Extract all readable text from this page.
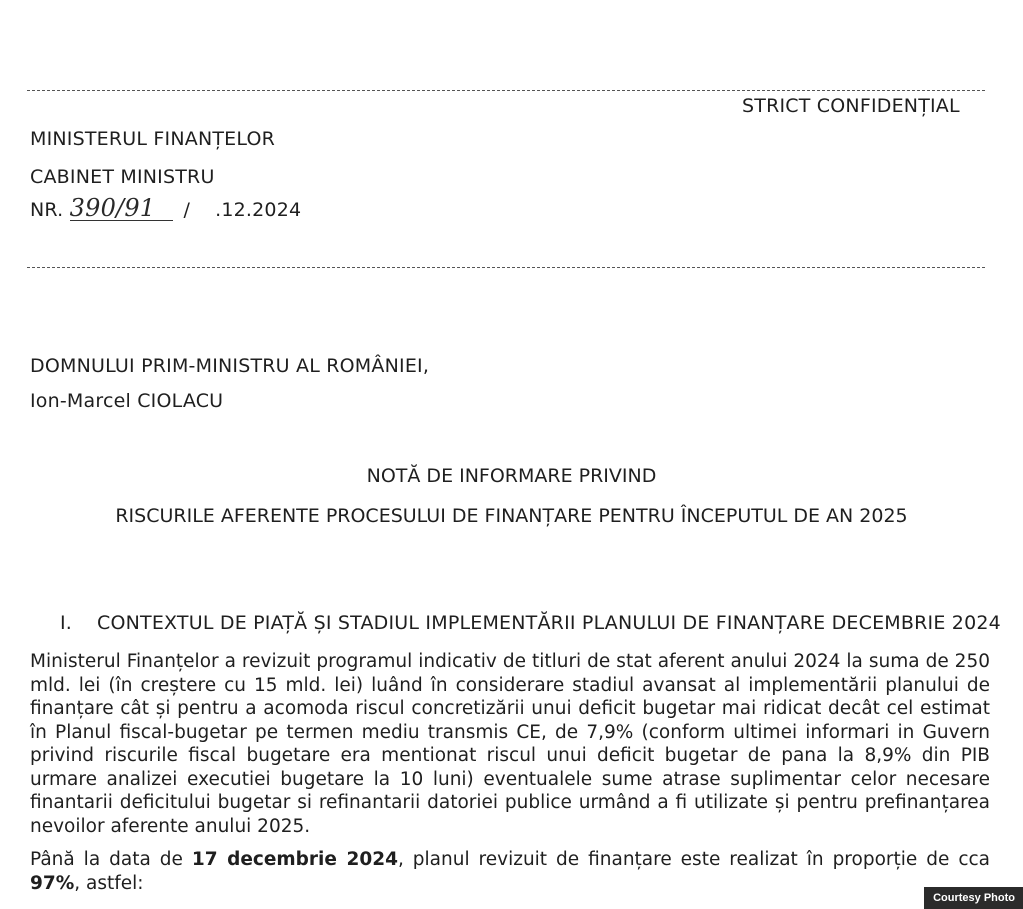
STRICT CONFIDENȚIAL
MINISTERUL FINANȚELOR
CABINET MINISTRU
NR. 390/91 /    .12.2024
DOMNULUI PRIM-MINISTRU AL ROMÂNIEI,
Ion-Marcel CIOLACU
NOTĂ DE INFORMARE PRIVIND
RISCURILE AFERENTE PROCESULUI DE FINANȚARE PENTRU ÎNCEPUTUL DE AN 2025
I. CONTEXTUL DE PIAȚĂ ȘI STADIUL IMPLEMENTĂRII PLANULUI DE FINANȚARE DECEMBRIE 2024
Ministerul Finanțelor a revizuit programul indicativ de titluri de stat aferent anului 2024 la suma de 250 mld. lei (în creștere cu 15 mld. lei) luând în considerare stadiul avansat al implementării planului de finanțare cât și pentru a acomoda riscul concretizării unui deficit bugetar mai ridicat decât cel estimat în Planul fiscal-bugetar pe termen mediu transmis CE, de 7,9% (conform ultimei informari in Guvern privind riscurile fiscal bugetare era mentionat riscul unui deficit bugetar de pana la 8,9% din PIB urmare analizei executiei bugetare la 10 luni) eventualele sume atrase suplimentar celor necesare finantarii deficitului bugetar si refinantarii datoriei publice urmând a fi utilizate și pentru prefinanțarea nevoilor aferente anului 2025.
Până la data de 17 decembrie 2024, planul revizuit de finanțare este realizat în proporție de cca 97%, astfel:
Courtesy Photo
